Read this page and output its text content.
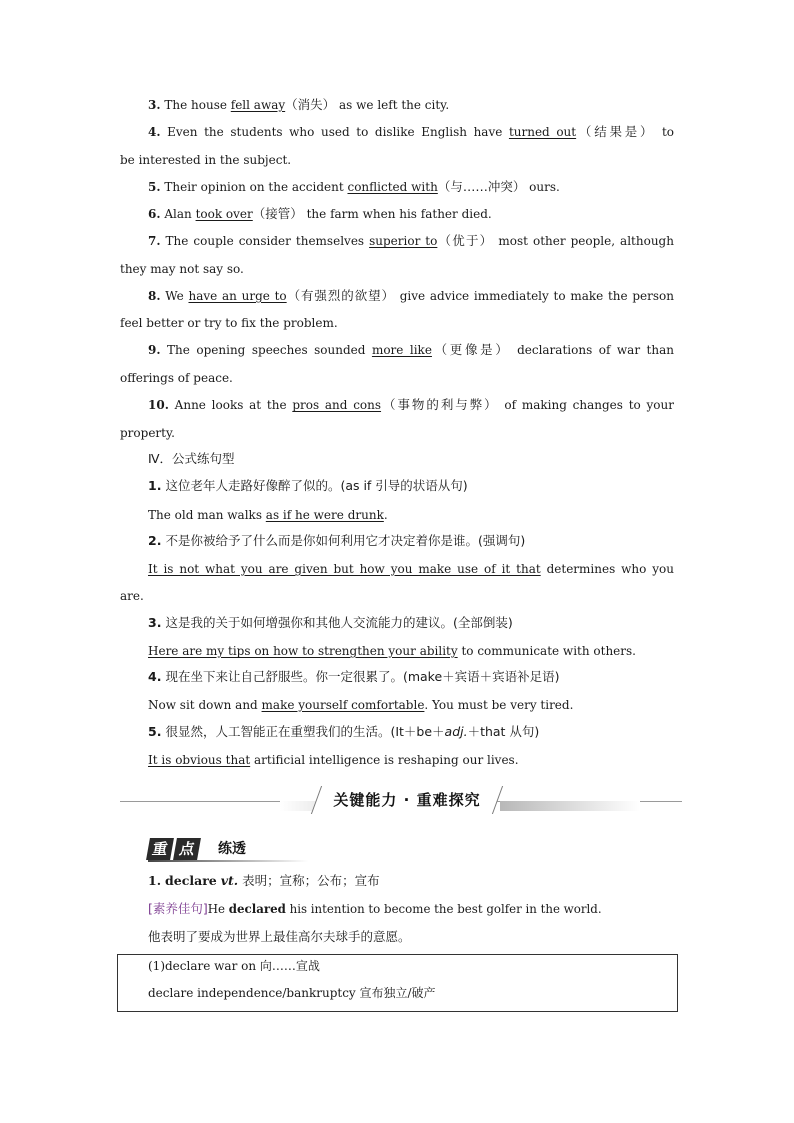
3. The house fell away（消失） as we left the city.
4. Even the students who used to dislike English have turned out（结果是） to
be interested in the subject.
5. Their opinion on the accident conflicted with（与……冲突） ours.
6. Alan took over（接管） the farm when his father died.
7. The couple consider themselves superior to（优于） most other people, although
they may not say so.
8. We have an urge to（有强烈的欲望） give advice immediately to make the person
feel better or try to fix the problem.
9. The opening speeches sounded more like（更像是） declarations of war than
offerings of peace.
10. Anne looks at the pros and cons（事物的利与弊） of making changes to your
property.
Ⅳ．公式练句型
1. 这位老年人走路好像醉了似的。(as if 引导的状语从句)
The old man walks as if he were drunk.
2. 不是你被给予了什么而是你如何利用它才决定着你是谁。(强调句)
It is not what you are given but how you make use of it that determines who you
are.
3. 这是我的关于如何增强你和其他人交流能力的建议。(全部倒装)
Here are my tips on how to strengthen your ability to communicate with others.
4. 现在坐下来让自己舒服些。你一定很累了。(make＋宾语＋宾语补足语)
Now sit down and make yourself comfortable. You must be very tired.
5. 很显然，人工智能正在重塑我们的生活。(It＋be＋adj.＋that 从句)
It is obvious that artificial intelligence is reshaping our lives.
关键能力 · 重难探究
重 点	练透
1. declare vt. 表明；宣称；公布；宣布
[素养佳句]He declared his intention to become the best golfer in the world.
他表明了要成为世界上最佳高尔夫球手的意愿。
(1)declare war on 向……宣战
declare independence/bankruptcy 宣布独立/破产
